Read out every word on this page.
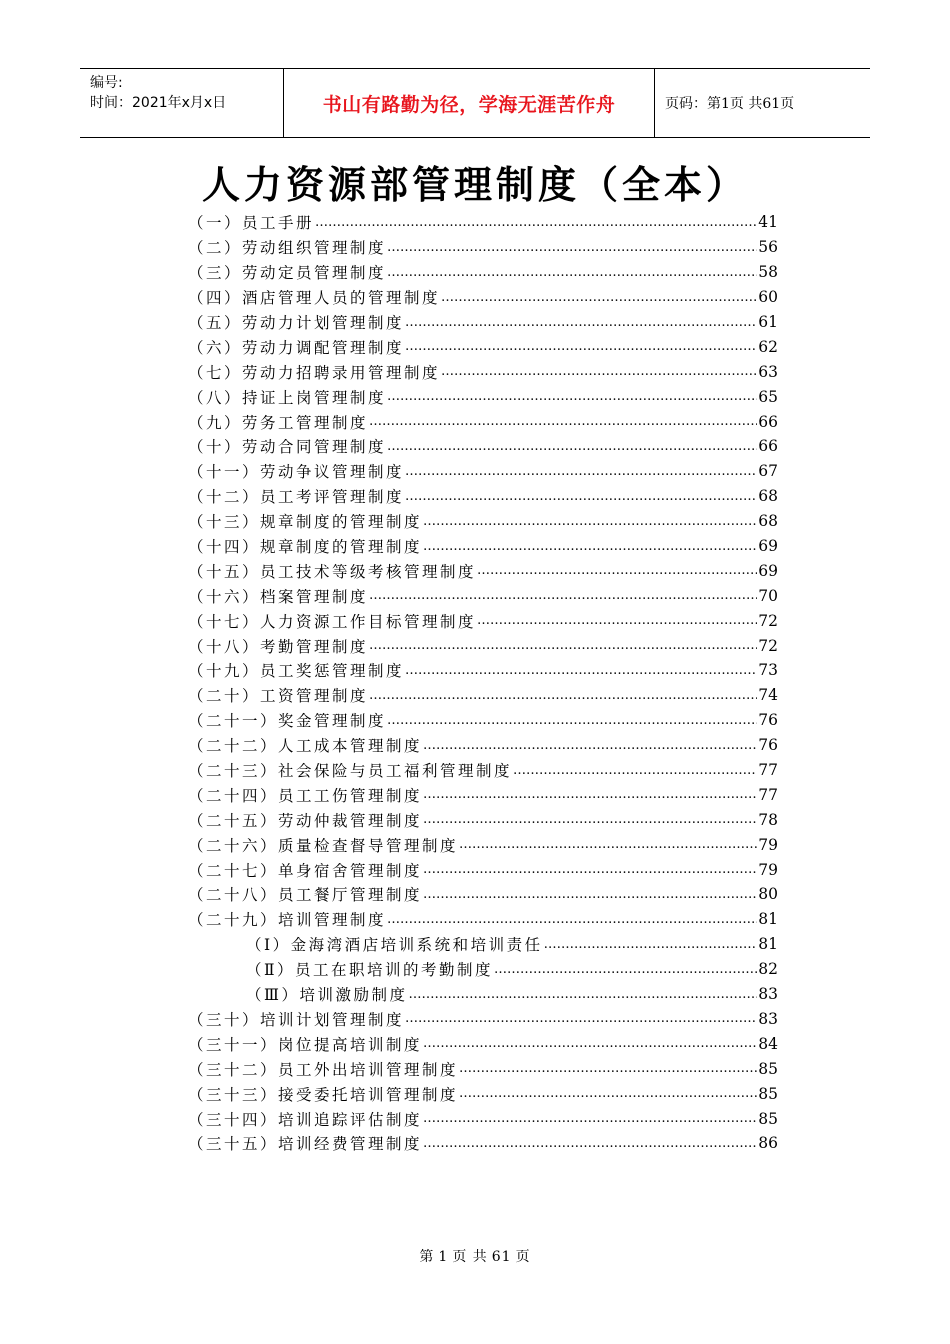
编号:
时间：2021年x月x日	书山有路勤为径，学海无涯苦作舟	页码：第1页 共61页
人力资源部管理制度（全本）
（一）员工手册 …………………………………………………………………………………………………………………………………………………………	41
（二）劳动组织管理制度 …………………………………………………………………………………………………………………………………………………………	56
（三）劳动定员管理制度 …………………………………………………………………………………………………………………………………………………………	58
（四）酒店管理人员的管理制度 …………………………………………………………………………………………………………………………………………………………	60
（五）劳动力计划管理制度 …………………………………………………………………………………………………………………………………………………………	61
（六）劳动力调配管理制度 …………………………………………………………………………………………………………………………………………………………	62
（七）劳动力招聘录用管理制度 …………………………………………………………………………………………………………………………………………………………	63
（八）持证上岗管理制度 …………………………………………………………………………………………………………………………………………………………	65
（九）劳务工管理制度 …………………………………………………………………………………………………………………………………………………………	66
（十）劳动合同管理制度 …………………………………………………………………………………………………………………………………………………………	66
（十一）劳动争议管理制度 …………………………………………………………………………………………………………………………………………………………	67
（十二）员工考评管理制度 …………………………………………………………………………………………………………………………………………………………	68
（十三）规章制度的管理制度 …………………………………………………………………………………………………………………………………………………………	68
（十四）规章制度的管理制度 …………………………………………………………………………………………………………………………………………………………	69
（十五）员工技术等级考核管理制度 …………………………………………………………………………………………………………………………………………………………	69
（十六）档案管理制度 …………………………………………………………………………………………………………………………………………………………	70
（十七）人力资源工作目标管理制度 …………………………………………………………………………………………………………………………………………………………	72
（十八）考勤管理制度 …………………………………………………………………………………………………………………………………………………………	72
（十九）员工奖惩管理制度 …………………………………………………………………………………………………………………………………………………………	73
（二十）工资管理制度 …………………………………………………………………………………………………………………………………………………………	74
（二十一）奖金管理制度 …………………………………………………………………………………………………………………………………………………………	76
（二十二）人工成本管理制度 …………………………………………………………………………………………………………………………………………………………	76
（二十三）社会保险与员工福利管理制度 …………………………………………………………………………………………………………………………………………………………	77
（二十四）员工工伤管理制度 …………………………………………………………………………………………………………………………………………………………	77
（二十五）劳动仲裁管理制度 …………………………………………………………………………………………………………………………………………………………	78
（二十六）质量检查督导管理制度 …………………………………………………………………………………………………………………………………………………………	79
（二十七）单身宿舍管理制度 …………………………………………………………………………………………………………………………………………………………	79
（二十八）员工餐厅管理制度 …………………………………………………………………………………………………………………………………………………………	80
（二十九）培训管理制度 …………………………………………………………………………………………………………………………………………………………	81
（Ⅰ）金海湾酒店培训系统和培训责任 …………………………………………………………………………………………………………………………………………………………	81
（Ⅱ）员工在职培训的考勤制度 …………………………………………………………………………………………………………………………………………………………	82
（Ⅲ）培训激励制度 …………………………………………………………………………………………………………………………………………………………	83
（三十）培训计划管理制度 …………………………………………………………………………………………………………………………………………………………	83
（三十一）岗位提高培训制度 …………………………………………………………………………………………………………………………………………………………	84
（三十二）员工外出培训管理制度 …………………………………………………………………………………………………………………………………………………………	85
（三十三）接受委托培训管理制度 …………………………………………………………………………………………………………………………………………………………	85
（三十四）培训追踪评估制度 …………………………………………………………………………………………………………………………………………………………	85
（三十五）培训经费管理制度 …………………………………………………………………………………………………………………………………………………………	86
第 1 页 共 61 页
